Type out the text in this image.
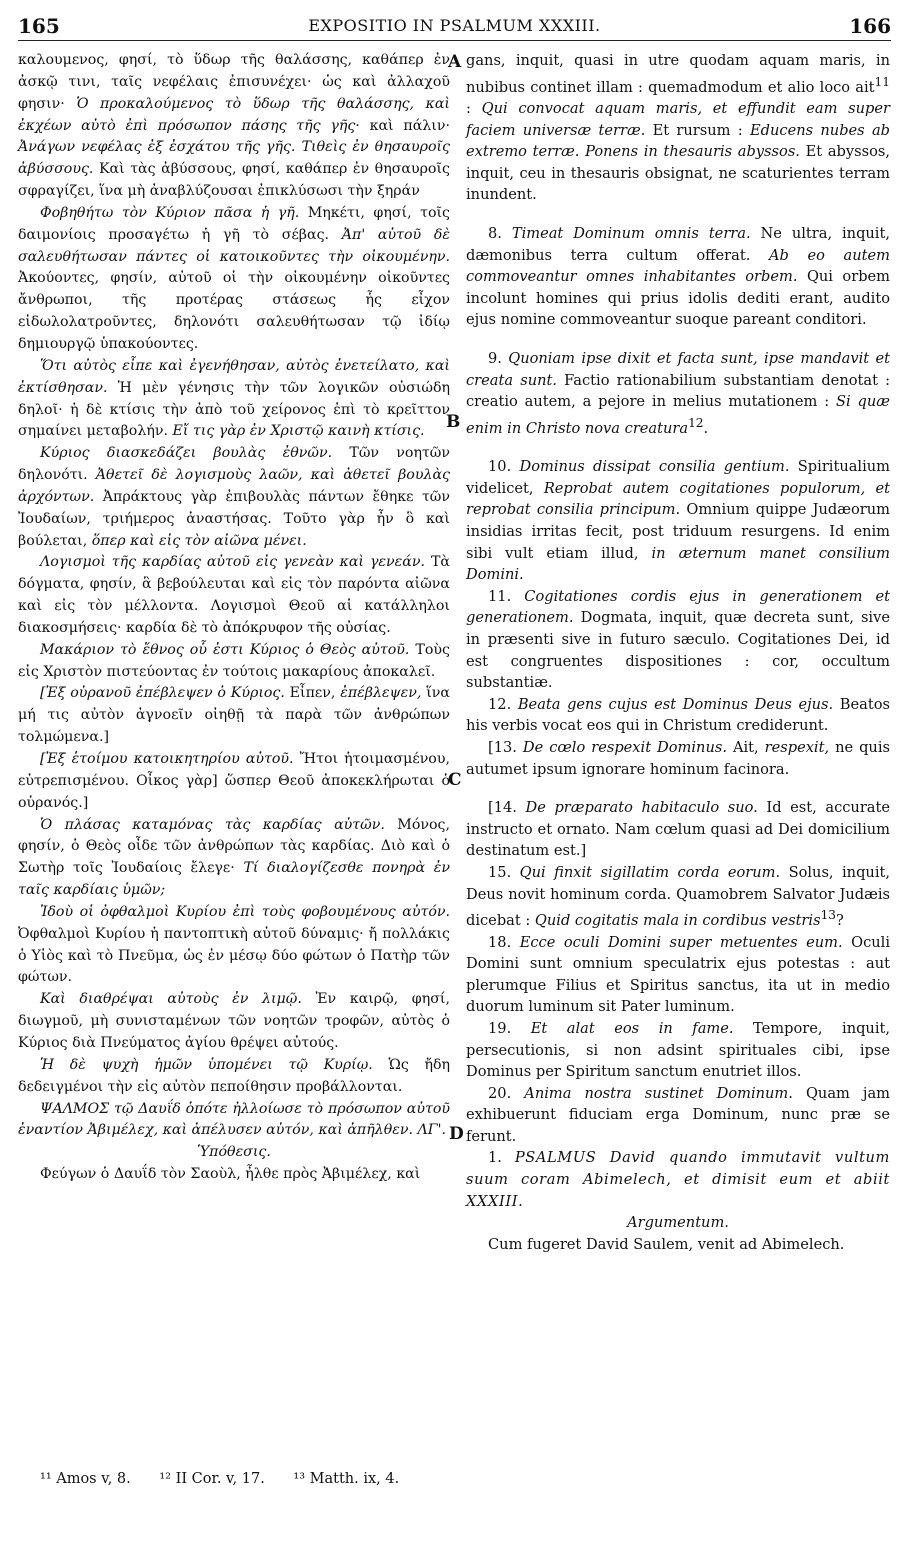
165	EXPOSITIO IN PSALMUM XXXIII.	166
A
B
C
D

καλουμενος, φησί, τὸ ὕδωρ τῆς θαλάσσης, καθάπερ ἐν ἀσκῷ τινι, ταῖς νεφέλαις ἐπισυνέχει· ὡς καὶ ἀλλαχοῦ φησιν· Ὁ προκαλούμενος τὸ ὕδωρ τῆς θαλάσσης, καὶ ἐκχέων αὐτὸ ἐπὶ πρόσωπον πάσης τῆς γῆς· καὶ πάλιν· Ἀνάγων νεφέλας ἐξ ἐσχάτου τῆς γῆς. Τιθεὶς ἐν θησαυροῖς ἀβύσσους. Καὶ τὰς ἀβύσσους, φησί, καθάπερ ἐν θησαυροῖς σφραγίζει, ἵνα μὴ ἀναβλύζουσαι ἐπικλύσωσι τὴν ξηράν

Φοβηθήτω τὸν Κύριον πᾶσα ἡ γῆ. Μηκέτι, φησί, τοῖς δαιμονίοις προσαγέτω ἡ γῆ τὸ σέβας. Ἀπ' αὐτοῦ δὲ σαλευθήτωσαν πάντες οἱ κατοικοῦντες τὴν οἰκουμένην. Ἀκούοντες, φησίν, αὐτοῦ οἱ τὴν οἰκουμένην οἰκοῦντες ἄνθρωποι, τῆς προτέρας στάσεως ἧς εἶχον εἰδωλολατροῦντες, δηλονότι σαλευθήτωσαν τῷ ἰδίῳ δημιουργῷ ὑπακούοντες.

Ὅτι αὐτὸς εἶπε καὶ ἐγενήθησαν, αὐτὸς ἐνετείλατο, καὶ ἐκτίσθησαν. Ἡ μὲν γένησις τὴν τῶν λογικῶν οὐσιώδη δηλοῖ· ἡ δὲ κτίσις τὴν ἀπὸ τοῦ χείρονος ἐπὶ τὸ κρεῖττον σημαίνει μεταβολήν. Εἴ τις γὰρ ἐν Χριστῷ καινὴ κτίσις.

Κύριος διασκεδάζει βουλὰς ἐθνῶν. Τῶν νοητῶν δηλονότι. Ἀθετεῖ δὲ λογισμοὺς λαῶν, καὶ ἀθετεῖ βουλὰς ἀρχόντων. Ἀπράκτους γὰρ ἐπιβουλὰς πάντων ἔθηκε τῶν Ἰουδαίων, τριήμερος ἀναστήσας. Τοῦτο γὰρ ἦν ὃ καὶ βούλεται, ὅπερ καὶ εἰς τὸν αἰῶνα μένει.

Λογισμοὶ τῆς καρδίας αὐτοῦ εἰς γενεὰν καὶ γενεάν. Τὰ δόγματα, φησίν, ἃ βεβούλευται καὶ εἰς τὸν παρόντα αἰῶνα καὶ εἰς τὸν μέλλοντα. Λογισμοὶ Θεοῦ αἱ κατάλληλοι διακοσμήσεις· καρδία δὲ τὸ ἀπόκρυφον τῆς οὐσίας.

Μακάριον τὸ ἔθνος οὗ ἐστι Κύριος ὁ Θεὸς αὐτοῦ. Τοὺς εἰς Χριστὸν πιστεύοντας ἐν τούτοις μακαρίους ἀποκαλεῖ.

[Ἐξ οὐρανοῦ ἐπέβλεψεν ὁ Κύριος. Εἶπεν, ἐπέβλεψεν, ἵνα μή τις αὐτὸν ἀγνοεῖν οἰηθῇ τὰ παρὰ τῶν ἀνθρώπων τολμώμενα.]

[Ἐξ ἑτοίμου κατοικητηρίου αὐτοῦ. Ἤτοι ἡτοιμασμένου, εὐτρεπισμένου. Οἶκος γὰρ] ὥσπερ Θεοῦ ἀποκεκλήρωται ὁ οὐρανός.]

Ὁ πλάσας καταμόνας τὰς καρδίας αὐτῶν. Μόνος, φησίν, ὁ Θεὸς οἶδε τῶν ἀνθρώπων τὰς καρδίας. Διὸ καὶ ὁ Σωτὴρ τοῖς Ἰουδαίοις ἔλεγε· Τί διαλογίζεσθε πονηρὰ ἐν ταῖς καρδίαις ὑμῶν;

Ἰδοὺ οἱ ὀφθαλμοὶ Κυρίου ἐπὶ τοὺς φοβουμένους αὐτόν. Ὀφθαλμοὶ Κυρίου ἡ παντοπτικὴ αὐτοῦ δύναμις· ἤ πολλάκις ὁ Υἱὸς καὶ τὸ Πνεῦμα, ὡς ἐν μέσῳ δύο φώτων ὁ Πατὴρ τῶν φώτων.

Καὶ διαθρέψαι αὐτοὺς ἐν λιμῷ. Ἐν καιρῷ, φησί, διωγμοῦ, μὴ συνισταμένων τῶν νοητῶν τροφῶν, αὐτὸς ὁ Κύριος διὰ Πνεύματος ἁγίου θρέψει αὐτούς.

Ἡ δὲ ψυχὴ ἡμῶν ὑπομένει τῷ Κυρίῳ. Ὡς ἤδη δεδειγμένοι τὴν εἰς αὐτὸν πεποίθησιν προβάλλονται.

ΨΑΛΜΟΣ τῷ Δαυΐδ ὁπότε ἠλλοίωσε τὸ πρόσωπον αὐτοῦ ἐναντίον Ἀβιμέλεχ, καὶ ἀπέλυσεν αὐτόν, καὶ ἀπῆλθεν. ΛΓ'.

Ὑπόθεσις.

Φεύγων ὁ Δαυΐδ τὸν Σαοὺλ, ἦλθε πρὸς Ἀβιμέλεχ, καὶ

gans, inquit, quasi in utre quodam aquam maris, in nubibus continet illam : quemadmodum et alio loco ait$^{11}$ : Qui convocat aquam maris, et effundit eam super faciem universæ terræ. Et rursum : Educens nubes ab extremo terræ. Ponens in thesauris abyssos. Et abyssos, inquit, ceu in thesauris obsignat, ne scaturientes terram inundent.

8. Timeat Dominum omnis terra. Ne ultra, inquit, dæmonibus terra cultum offerat. Ab eo autem commoveantur omnes inhabitantes orbem. Qui orbem incolunt homines qui prius idolis dediti erant, audito ejus nomine commoveantur suoque pareant conditori.

9. Quoniam ipse dixit et facta sunt, ipse mandavit et creata sunt. Factio rationabilium substantiam denotat : creatio autem, a pejore in melius mutationem : Si quæ enim in Christo nova creatura$^{12}$.

10. Dominus dissipat consilia gentium. Spiritualium videlicet, Reprobat autem cogitationes populorum, et reprobat consilia principum. Omnium quippe Judæorum insidias irritas fecit, post triduum resurgens. Id enim sibi vult etiam illud, in æternum manet consilium Domini.

11. Cogitationes cordis ejus in generationem et generationem. Dogmata, inquit, quæ decreta sunt, sive in præsenti sive in futuro sæculo. Cogitationes Dei, id est congruentes dispositiones : cor, occultum substantiæ.

12. Beata gens cujus est Dominus Deus ejus. Beatos his verbis vocat eos qui in Christum crediderunt.

[13. De cœlo respexit Dominus. Ait, respexit, ne quis autumet ipsum ignorare hominum facinora.

[14. De præparato habitaculo suo. Id est, accurate instructo et ornato. Nam cœlum quasi ad Dei domicilium destinatum est.]

15. Qui finxit sigillatim corda eorum. Solus, inquit, Deus novit hominum corda. Quamobrem Salvator Judæis dicebat : Quid cogitatis mala in cordibus vestris$^{13}$?

18. Ecce oculi Domini super metuentes eum. Oculi Domini sunt omnium speculatrix ejus potestas : aut plerumque Filius et Spiritus sanctus, ita ut in medio duorum luminum sit Pater luminum.

19. Et alat eos in fame. Tempore, inquit, persecutionis, si non adsint spirituales cibi, ipse Dominus per Spiritum sanctum enutriet illos.

20. Anima nostra sustinet Dominum. Quam jam exhibuerunt fiduciam erga Dominum, nunc præ se ferunt.

1. PSALMUS David quando immutavit vultum suum coram Abimelech, et dimisit eum et abiit XXXIII.

Argumentum.

Cum fugeret David Saulem, venit ad Abimelech.

¹¹ Amos v, 8. ¹² II Cor. v, 17. ¹³ Matth. ix, 4.
